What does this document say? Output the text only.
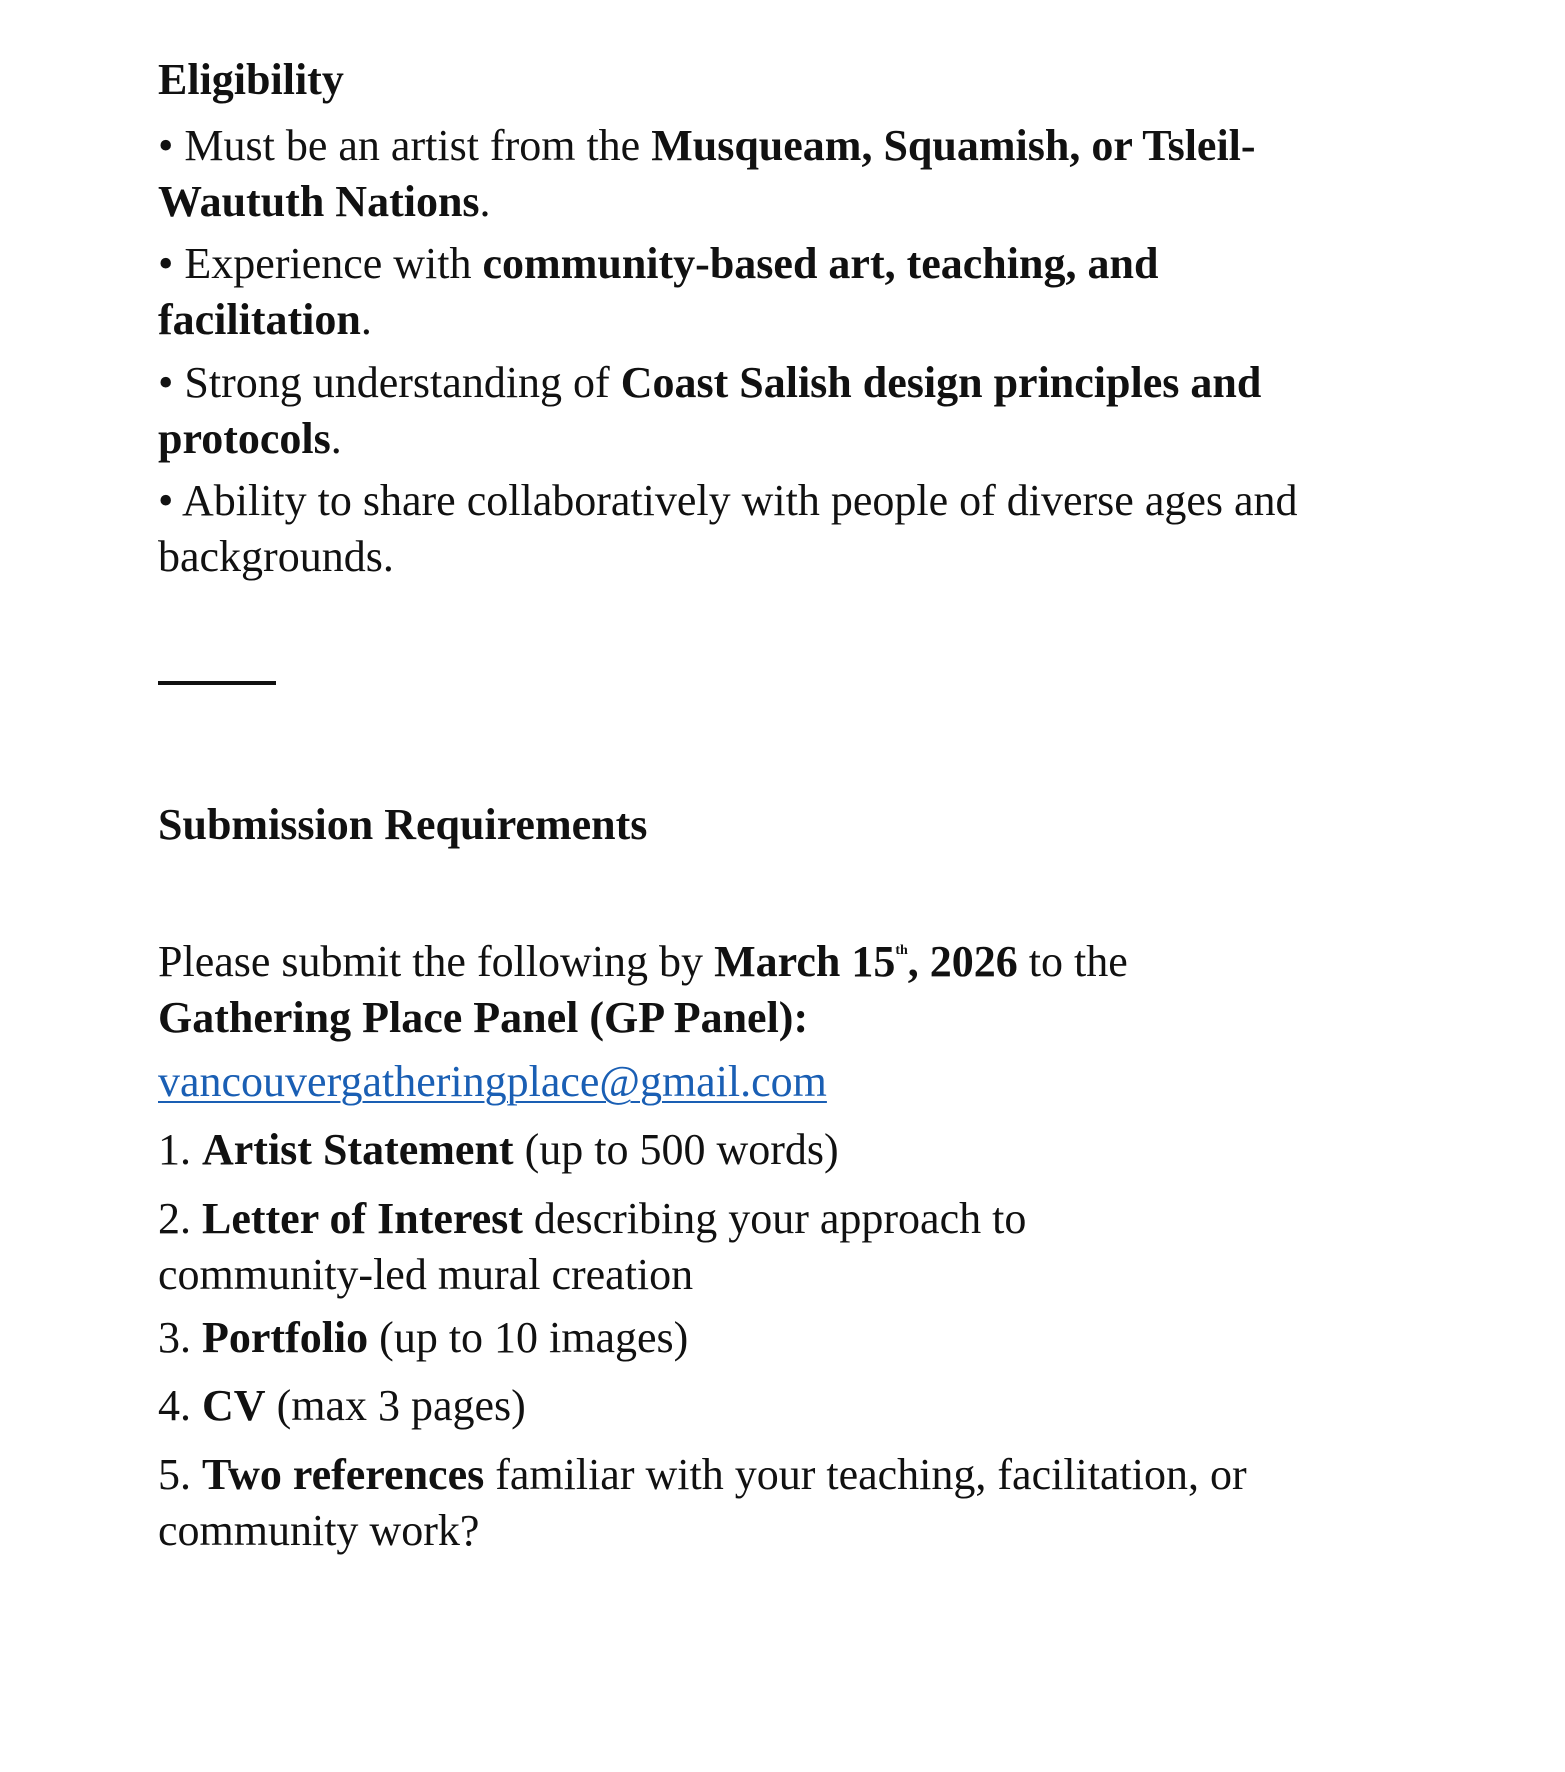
Eligibility
• Must be an artist from the Musqueam, Squamish, or Tsleil-Waututh Nations.
• Experience with community-based art, teaching, and facilitation.
• Strong understanding of Coast Salish design principles and protocols.
• Ability to share collaboratively with people of diverse ages and backgrounds.
Submission Requirements
Please submit the following by March 15th, 2026 to the
Gathering Place Panel (GP Panel):
vancouvergatheringplace@gmail.com
1. Artist Statement (up to 500 words)
2. Letter of Interest describing your approach to community-led mural creation
3. Portfolio (up to 10 images)
4. CV (max 3 pages)
5. Two references familiar with your teaching, facilitation, or community work?
